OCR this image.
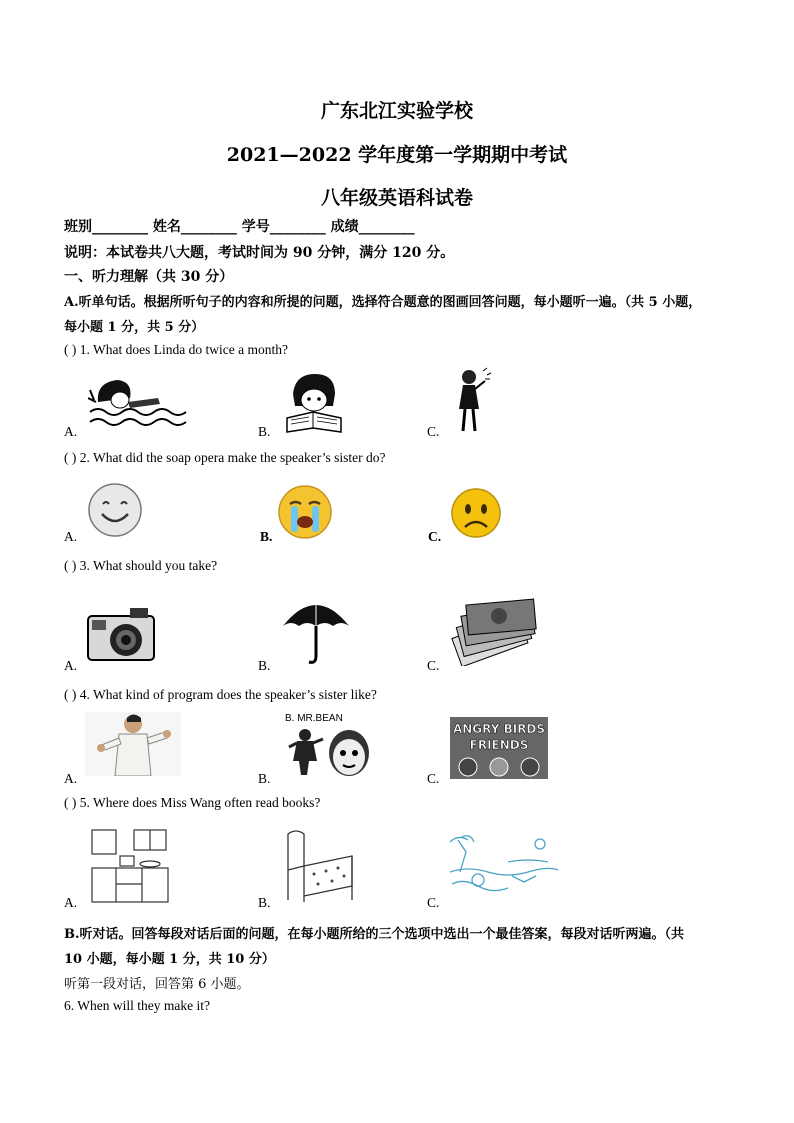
广东北江实验学校
2021—2022 学年度第一学期期中考试
八年级英语科试卷
班别________ 姓名________ 学号________ 成绩________
说明：本试卷共八大题，考试时间为 90 分钟，满分 120 分。
一、听力理解（共 30 分）
A.听单句话。根据所听句子的内容和所提的问题，选择符合题意的图画回答问题，每小题听一遍。（共 5 小题，
每小题 1 分，共 5 分）
( ) 1. What does Linda do twice a month?
A.	B.	C.
( ) 2. What did the soap opera make the speaker’s sister do?
A.	B.	C.
( ) 3. What should you take?
A.	B.	C.
( ) 4. What kind of program does the speaker’s sister like?
B. MR.BEAN
ANGRY BIRDS
FRIENDS
A.	B.	C.
( ) 5. Where does Miss Wang often read books?
A.	B.	C.
B.听对话。回答每段对话后面的问题，在每小题所给的三个选项中选出一个最佳答案，每段对话听两遍。（共
10 小题，每小题 1 分，共 10 分）
听第一段对话，回答第 6 小题。
6. When will they make it?
